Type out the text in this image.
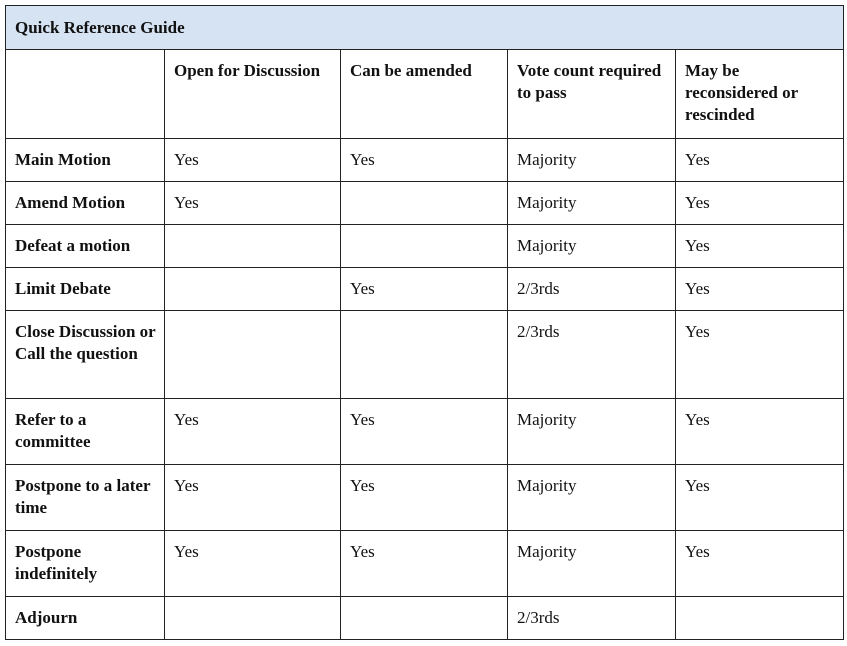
Quick Reference Guide				
	Open for Discussion	Can be amended	Vote count required to pass	May be reconsidered or rescinded
Main Motion	Yes	Yes	Majority	Yes
Amend Motion	Yes		Majority	Yes
Defeat a motion			Majority	Yes
Limit Debate		Yes	2/3rds	Yes
Close Discussion or Call the question			2/3rds	Yes
Refer to a committee	Yes	Yes	Majority	Yes
Postpone to a later time	Yes	Yes	Majority	Yes
Postpone indefinitely	Yes	Yes	Majority	Yes
Adjourn			2/3rds	
